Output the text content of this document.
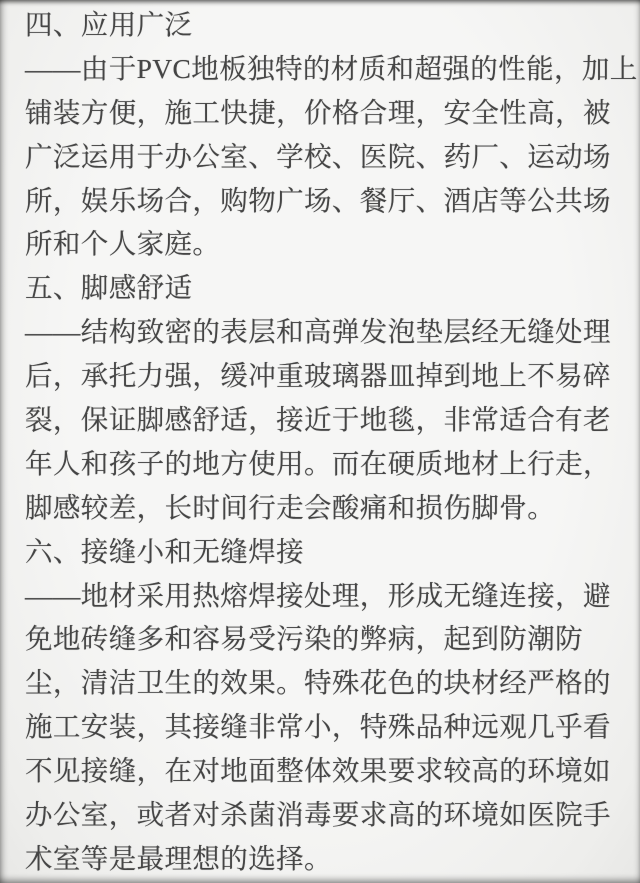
四、应用广泛
——由于PVC地板独特的材质和超强的性能，加上
铺装方便，施工快捷，价格合理，安全性高，被
广泛运用于办公室、学校、医院、药厂、运动场
所，娱乐场合，购物广场、餐厅、酒店等公共场
所和个人家庭。
五、脚感舒适
——结构致密的表层和高弹发泡垫层经无缝处理
后，承托力强，缓冲重玻璃器皿掉到地上不易碎
裂，保证脚感舒适，接近于地毯，非常适合有老
年人和孩子的地方使用。而在硬质地材上行走，
脚感较差，长时间行走会酸痛和损伤脚骨。
六、接缝小和无缝焊接
——地材采用热熔焊接处理，形成无缝连接，避
免地砖缝多和容易受污染的弊病，起到防潮防
尘，清洁卫生的效果。特殊花色的块材经严格的
施工安装，其接缝非常小，特殊品种远观几乎看
不见接缝，在对地面整体效果要求较高的环境如
办公室，或者对杀菌消毒要求高的环境如医院手
术室等是最理想的选择。
